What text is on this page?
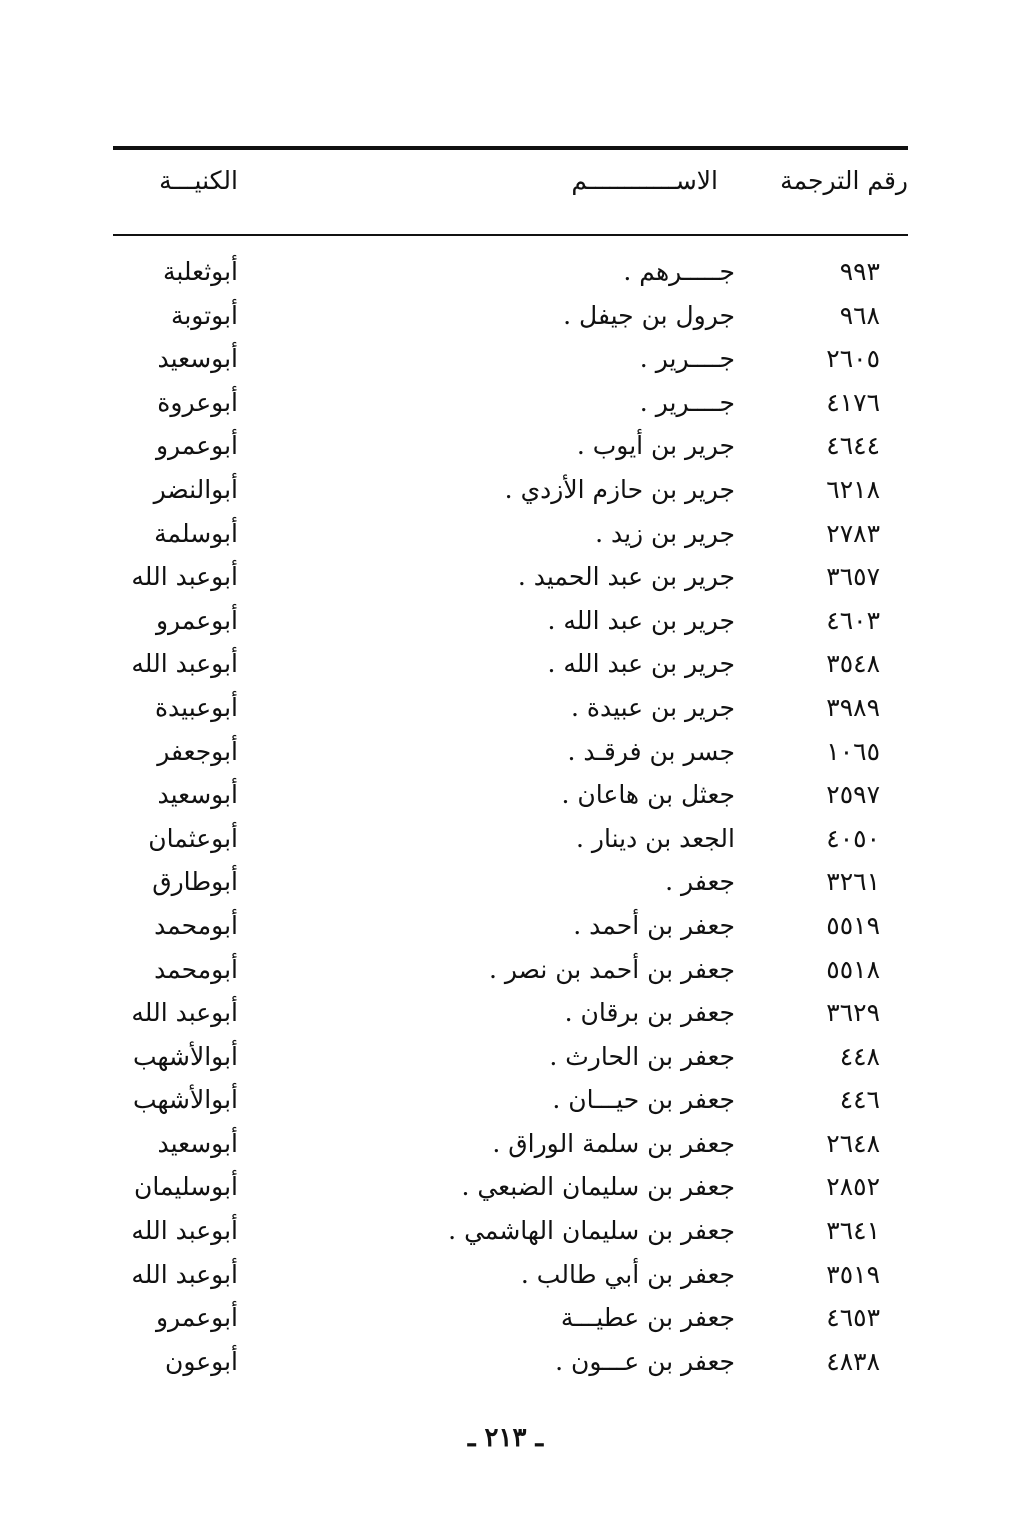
رقم الترجمة
الاســــــــــــم
الكنيـــة
٩٩٣
جـــــرهم .
أبوثعلبة
٩٦٨
جرول بن جيفل .
أبوتوبة
٢٦٠٥
جــــرير .
أبوسعيد
٤١٧٦
جــــرير .
أبوعروة
٤٦٤٤
جرير بن أيوب .
أبوعمرو
٦٢١٨
جرير بن حازم الأزدي .
أبوالنضر
٢٧٨٣
جرير بن زيد .
أبوسلمة
٣٦٥٧
جرير بن عبد الحميد .
أبوعبد الله
٤٦٠٣
جرير بن عبد الله .
أبوعمرو
٣٥٤٨
جرير بن عبد الله .
أبوعبد الله
٣٩٨٩
جرير بن عبيدة .
أبوعبيدة
١٠٦٥
جسر بن فرقـد .
أبوجعفر
٢٥٩٧
جعثل بن هاعان .
أبوسعيد
٤٠٥٠
الجعد بن دينار .
أبوعثمان
٣٢٦١
جعفر .
أبوطارق
٥٥١٩
جعفر بن أحمد .
أبومحمد
٥٥١٨
جعفر بن أحمد بن نصر .
أبومحمد
٣٦٢٩
جعفر بن برقان .
أبوعبد الله
٤٤٨
جعفر بن الحارث .
أبوالأشهب
٤٤٦
جعفر بن حيـــان .
أبوالأشهب
٢٦٤٨
جعفر بن سلمة الوراق .
أبوسعيد
٢٨٥٢
جعفر بن سليمان الضبعي .
أبوسليمان
٣٦٤١
جعفر بن سليمان الهاشمي .
أبوعبد الله
٣٥١٩
جعفر بن أبي طالب .
أبوعبد الله
٤٦٥٣
جعفر بن عطيـــة
أبوعمرو
٤٨٣٨
جعفر بن عـــون .
أبوعون
ـ ٢١٣ ـ
